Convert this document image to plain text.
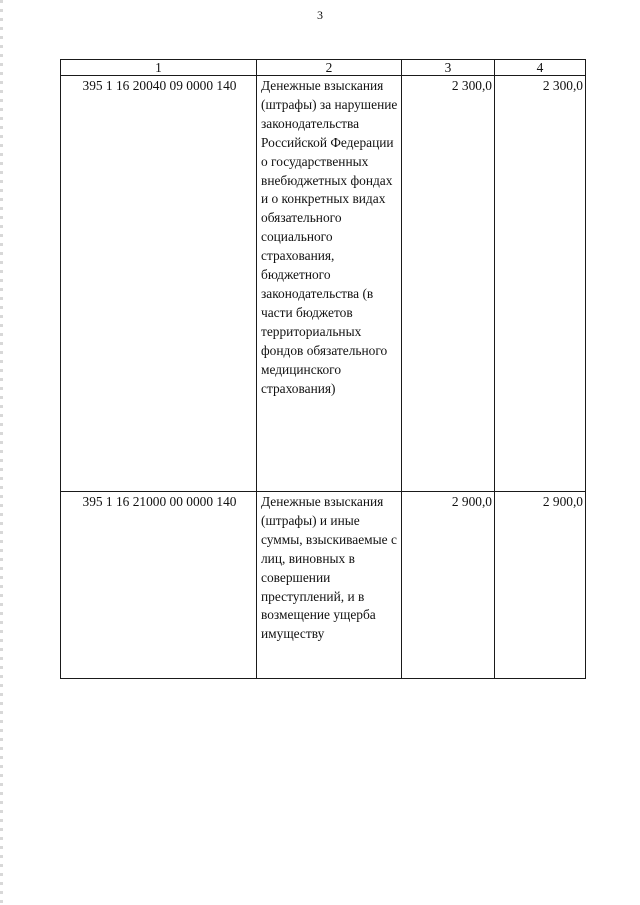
3
1	2	3	4
395 1 16 20040 09 0000 140	Денежные взыскания (штрафы) за нарушение законодательства Российской Федерации о государственных внебюджетных фондах и о конкретных видах обязательного социального страхования, бюджетного законодательства (в части бюджетов территориальных фондов обязательного медицинского страхования)	2 300,0	2 300,0
395 1 16 21000 00 0000 140	Денежные взыскания (штрафы) и иные суммы, взыскиваемые с лиц, виновных в совершении преступлений, и в возмещение ущерба имуществу	2 900,0	2 900,0
